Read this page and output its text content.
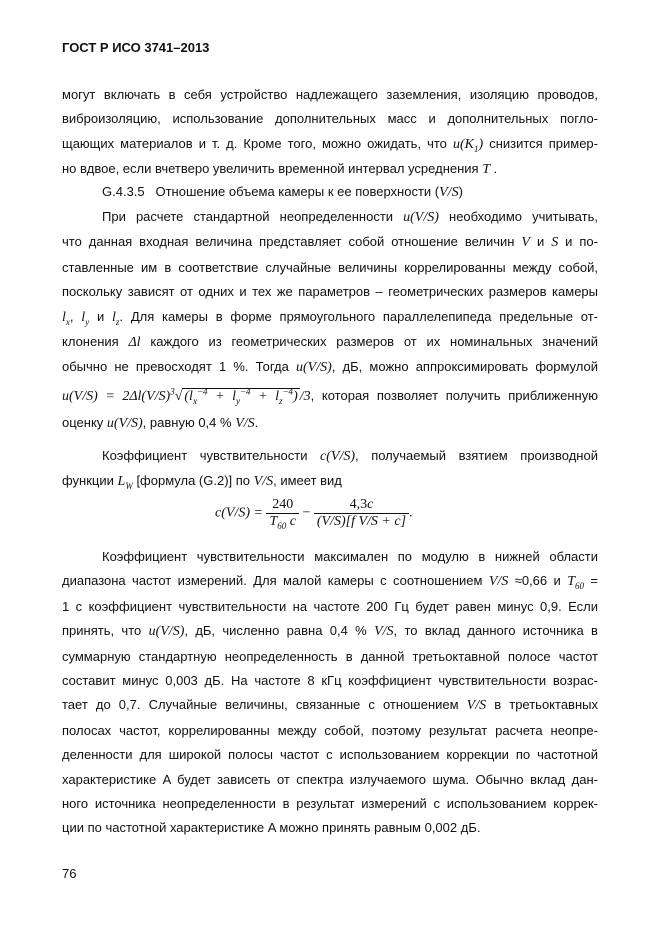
ГОСТ Р ИСО 3741–2013
могут включать в себя устройство надлежащего заземления, изоляцию проводов,
виброизоляцию, использование дополнительных масс и дополнительных погло-
щающих материалов и т. д. Кроме того, можно ожидать, что $u(K_1)$ снизится пример-
но вдвое, если вчетверо увеличить временной интервал усреднения T .
G.4.3.5 Отношение объема камеры к ее поверхности (V/S)
При расчете стандартной неопределенности u(V/S) необходимо учитывать,
что данная входная величина представляет собой отношение величин V и S и по-
ставленные им в соответствие случайные величины коррелированны между собой,
поскольку зависят от одних и тех же параметров – геометрических размеров камеры
$l_x$, $l_y$ и $l_z$. Для камеры в форме прямоугольного параллелепипеда предельные от-
клонения Δl каждого из геометрических размеров от их номинальных значений
обычно не превосходят 1 %. Тогда u(V/S), дБ, можно аппроксимировать формулой
$u(V/S) = 2\Delta l(V/S)^3√$ $(l_x^{-4} + l_y^{-4} + l_z^{-4})$ /3, которая позволяет получить приближенную
оценку u(V/S), равную 0,4 % V/S.
Коэффициент чувствительности c(V/S), получаемый взятием производной
функции $L_W$ [формула (G.2)] по V/S, имеет вид
$c(V/S) = \frac{240}{T_{60} c} - \frac{4,3c}{\text{(V/S)[f V/S + c]}}$ .
Коэффициент чувствительности максимален по модулю в нижней области
диапазона частот измерений. Для малой камеры с соотношением V/S ≈0,66 и $T_{60}$ =
1 с коэффициент чувствительности на частоте 200 Гц будет равен минус 0,9. Если
принять, что u(V/S), дБ, численно равна 0,4 % V/S, то вклад данного источника в
суммарную стандартную неопределенность в данной третьоктавной полосе частот
составит минус 0,003 дБ. На частоте 8 кГц коэффициент чувствительности возрас-
тает до 0,7. Случайные величины, связанные с отношением V/S в третьоктавных
полосах частот, коррелированны между собой, поэтому результат расчета неопре-
деленности для широкой полосы частот с использованием коррекции по частотной
характеристике A будет зависеть от спектра излучаемого шума. Обычно вклад дан-
ного источника неопределенности в результат измерений с использованием коррек-
ции по частотной характеристике A можно принять равным 0,002 дБ.
76
